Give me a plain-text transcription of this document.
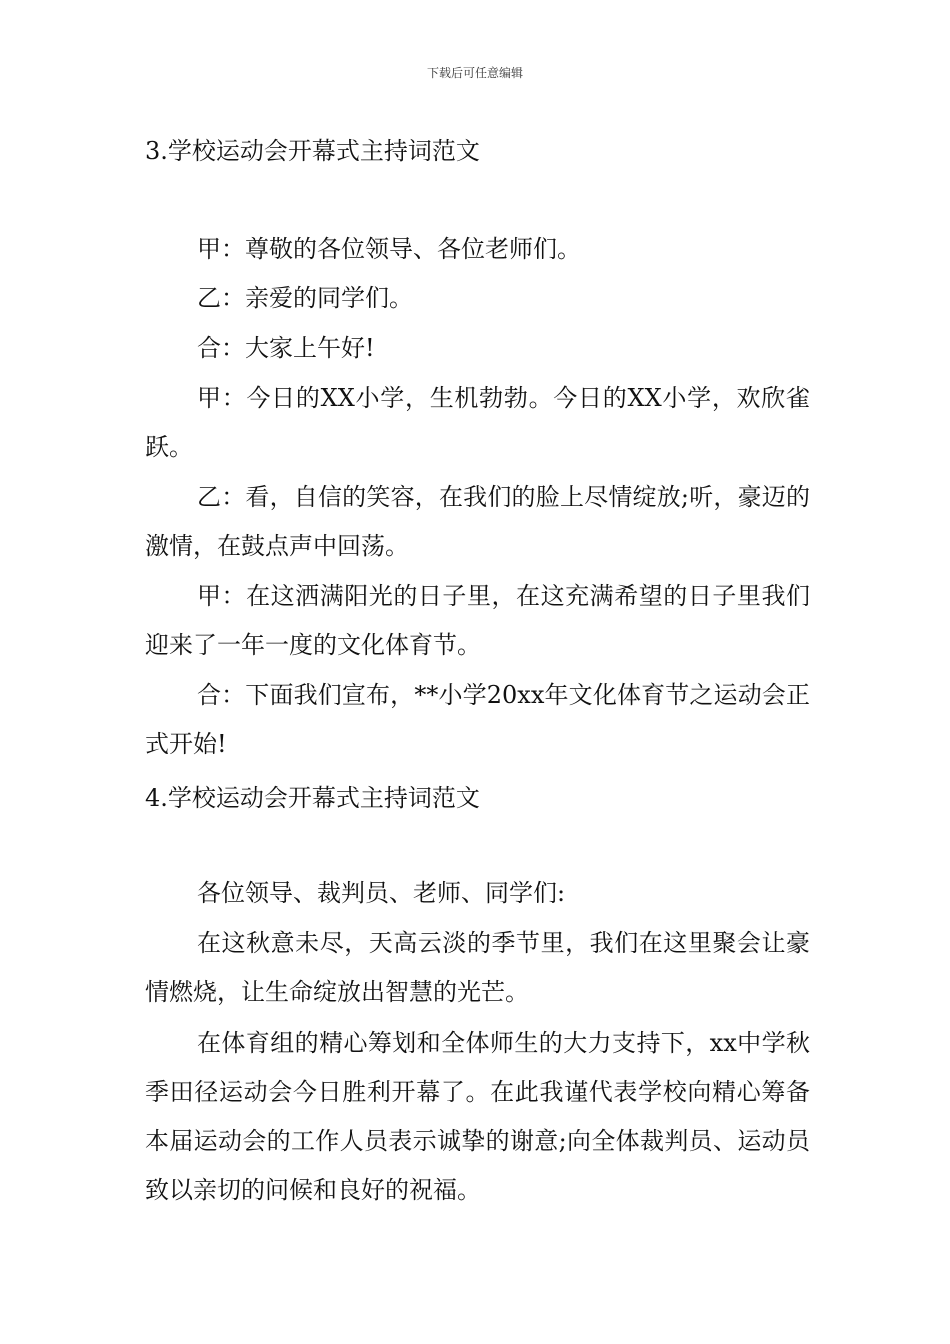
下载后可任意编辑
3.学校运动会开幕式主持词范文
甲：尊敬的各位领导、各位老师们。
乙：亲爱的同学们。
合：大家上午好!
甲：今日的XX小学，生机勃勃。今日的XX小学，欢欣雀跃。
乙：看，自信的笑容，在我们的脸上尽情绽放;听，豪迈的激情，在鼓点声中回荡。
甲：在这洒满阳光的日子里，在这充满希望的日子里我们迎来了一年一度的文化体育节。
合：下面我们宣布，**小学20xx年文化体育节之运动会正式开始!
4.学校运动会开幕式主持词范文
各位领导、裁判员、老师、同学们:
在这秋意未尽，天高云淡的季节里，我们在这里聚会让豪情燃烧，让生命绽放出智慧的光芒。
在体育组的精心筹划和全体师生的大力支持下，xx中学秋季田径运动会今日胜利开幕了。在此我谨代表学校向精心筹备本届运动会的工作人员表示诚挚的谢意;向全体裁判员、运动员致以亲切的问候和良好的祝福。
